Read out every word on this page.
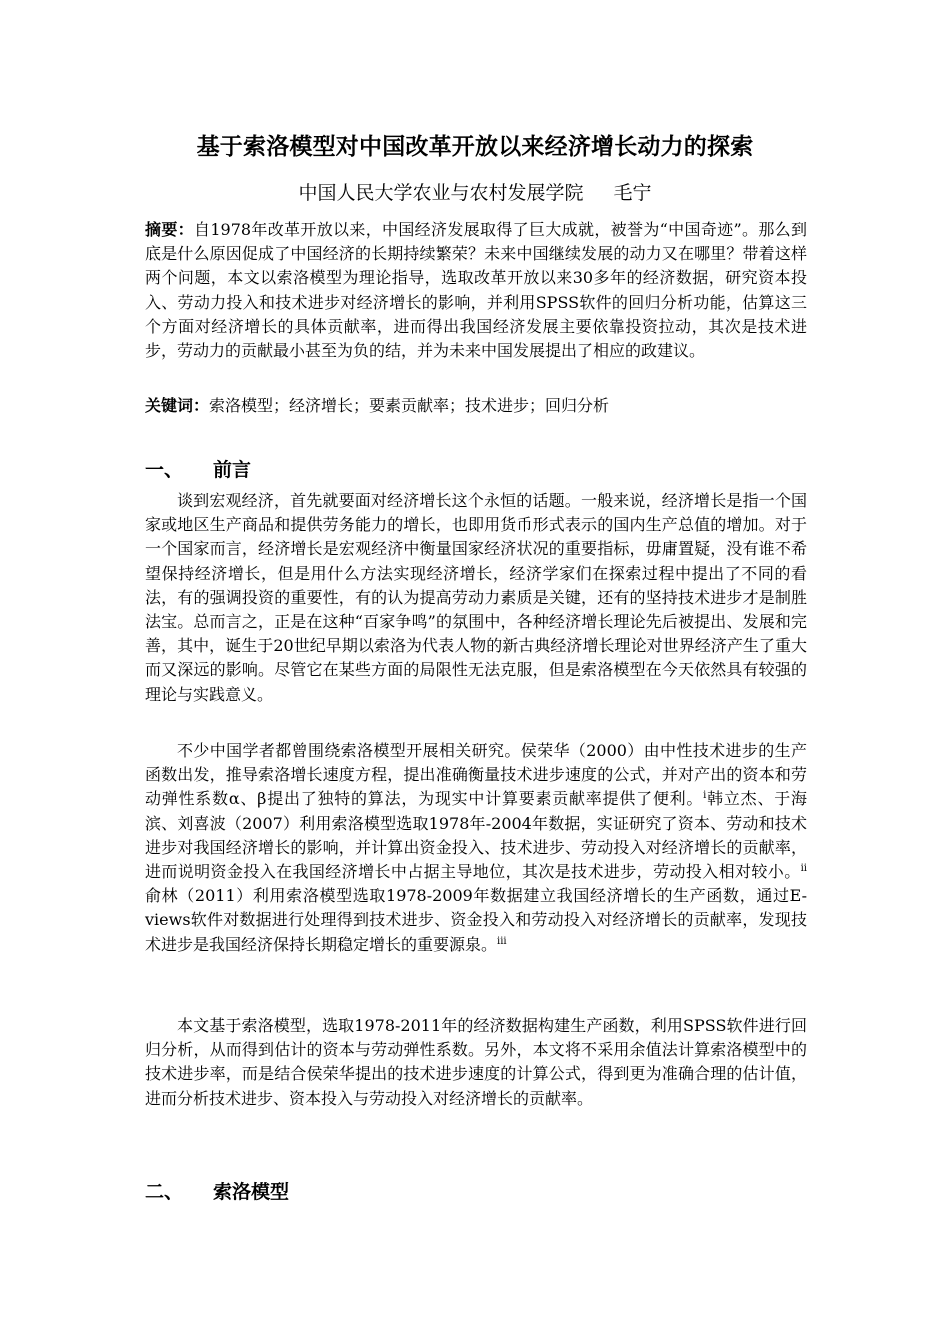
基于索洛模型对中国改革开放以来经济增长动力的探索
中国人民大学农业与农村发展学院 毛宁
摘要：自1978年改革开放以来，中国经济发展取得了巨大成就，被誉为“中国奇迹”。那么到底是什么原因促成了中国经济的长期持续繁荣？未来中国继续发展的动力又在哪里？带着这样两个问题，本文以索洛模型为理论指导，选取改革开放以来30多年的经济数据，研究资本投入、劳动力投入和技术进步对经济增长的影响，并利用SPSS软件的回归分析功能，估算这三个方面对经济增长的具体贡献率，进而得出我国经济发展主要依靠投资拉动，其次是技术进步，劳动力的贡献最小甚至为负的结，并为未来中国发展提出了相应的政建议。
关键词：索洛模型；经济增长；要素贡献率；技术进步；回归分析
一、 前言

谈到宏观经济，首先就要面对经济增长这个永恒的话题。一般来说，经济增长是指一个国家或地区生产商品和提供劳务能力的增长，也即用货币形式表示的国内生产总值的增加。对于一个国家而言，经济增长是宏观经济中衡量国家经济状况的重要指标，毋庸置疑，没有谁不希望保持经济增长，但是用什么方法实现经济增长，经济学家们在探索过程中提出了不同的看法，有的强调投资的重要性，有的认为提高劳动力素质是关键，还有的坚持技术进步才是制胜法宝。总而言之，正是在这种“百家争鸣”的氛围中，各种经济增长理论先后被提出、发展和完善，其中，诞生于20世纪早期以索洛为代表人物的新古典经济增长理论对世界经济产生了重大而又深远的影响。尽管它在某些方面的局限性无法克服，但是索洛模型在今天依然具有较强的理论与实践意义。

不少中国学者都曾围绕索洛模型开展相关研究。侯荣华（2000）由中性技术进步的生产函数出发，推导索洛增长速度方程，提出准确衡量技术进步速度的公式，并对产出的资本和劳动弹性系数α、β提出了独特的算法，为现实中计算要素贡献率提供了便利。$^i$韩立杰、于海滨、刘喜波（2007）利用索洛模型选取1978年-2004年数据，实证研究了资本、劳动和技术进步对我国经济增长的影响，并计算出资金投入、技术进步、劳动投入对经济增长的贡献率，进而说明资金投入在我国经济增长中占据主导地位，其次是技术进步，劳动投入相对较小。$^{ii}$俞林（2011）利用索洛模型选取1978-2009年数据建立我国经济增长的生产函数，通过E-views软件对数据进行处理得到技术进步、资金投入和劳动投入对经济增长的贡献率，发现技术进步是我国经济保持长期稳定增长的重要源泉。$^{iii}$

本文基于索洛模型，选取1978-2011年的经济数据构建生产函数，利用SPSS软件进行回归分析，从而得到估计的资本与劳动弹性系数。另外，本文将不采用余值法计算索洛模型中的技术进步率，而是结合侯荣华提出的技术进步速度的计算公式，得到更为准确合理的估计值，进而分析技术进步、资本投入与劳动投入对经济增长的贡献率。

二、 索洛模型
